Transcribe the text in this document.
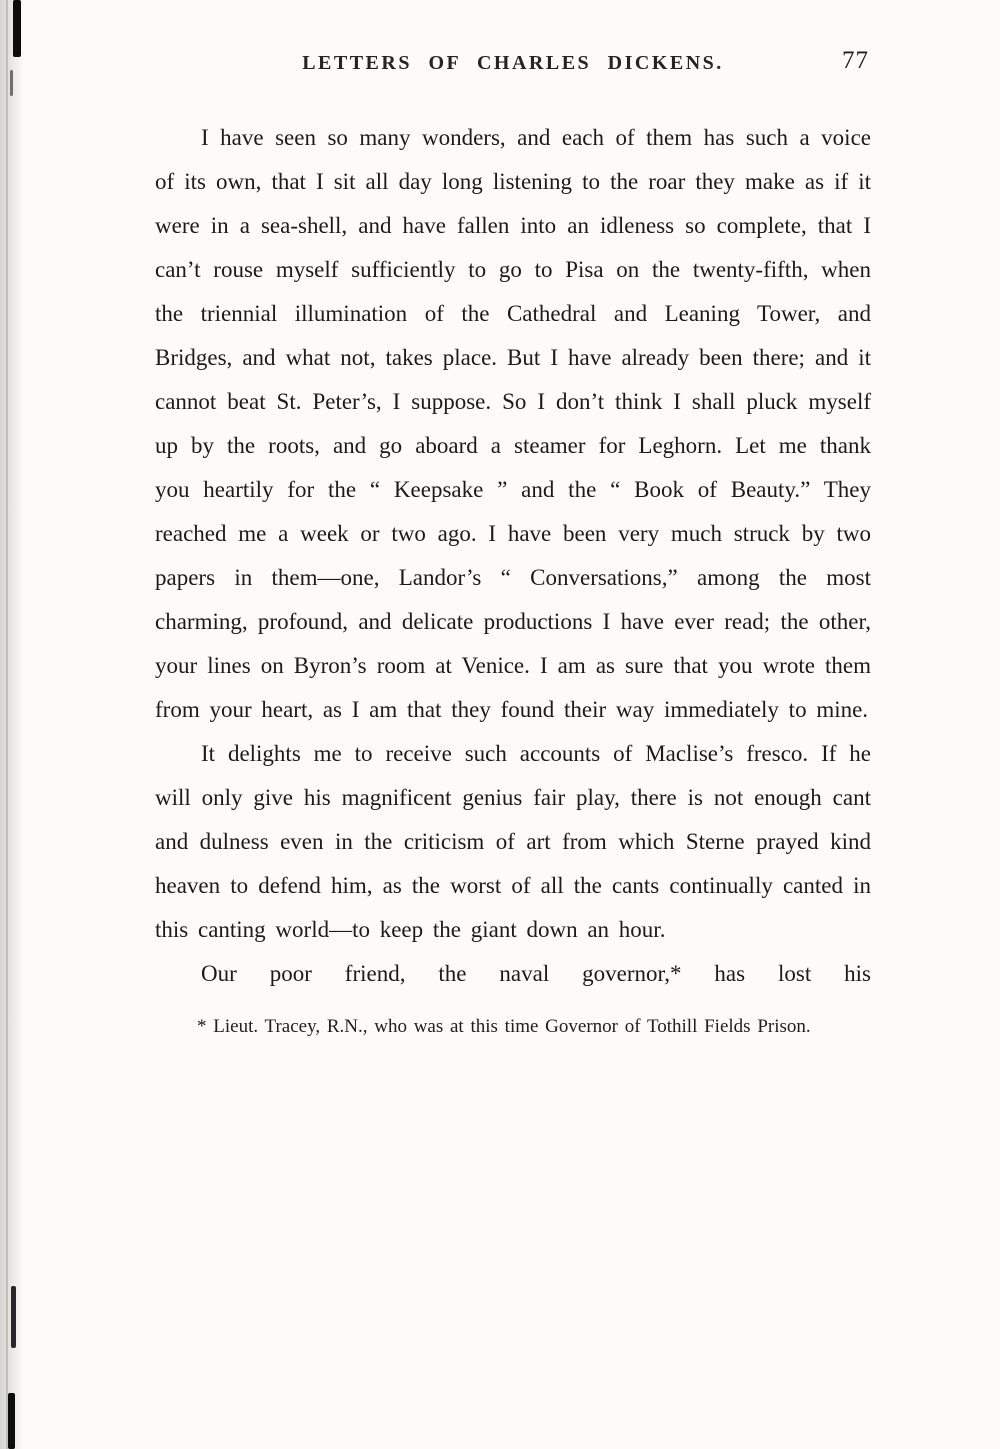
LETTERS OF CHARLES DICKENS.	77

I have seen so many wonders, and each of them has such a voice of its own, that I sit all day long listening to the roar they make as if it were in a sea-shell, and have fallen into an idleness so complete, that I can’t rouse myself sufficiently to go to Pisa on the twenty-fifth, when the triennial illumination of the Cathedral and Leaning Tower, and Bridges, and what not, takes place. But I have already been there; and it cannot beat St. Peter’s, I suppose. So I don’t think I shall pluck myself up by the roots, and go aboard a steamer for Leghorn. Let me thank you heartily for the “ Keepsake ” and the “ Book of Beauty.” They reached me a week or two ago. I have been very much struck by two papers in them—one, Landor’s “ Conversations,” among the most charming, profound, and delicate productions I have ever read; the other, your lines on Byron’s room at Venice. I am as sure that you wrote them from your heart, as I am that they found their way immediately to mine.

It delights me to receive such accounts of Maclise’s fresco. If he will only give his magnificent genius fair play, there is not enough cant and dulness even in the criticism of art from which Sterne prayed kind heaven to defend him, as the worst of all the cants continually canted in this canting world—to keep the giant down an hour.

Our poor friend, the naval governor,* has lost his

* Lieut. Tracey, R.N., who was at this time Governor of Tothill Fields Prison.
